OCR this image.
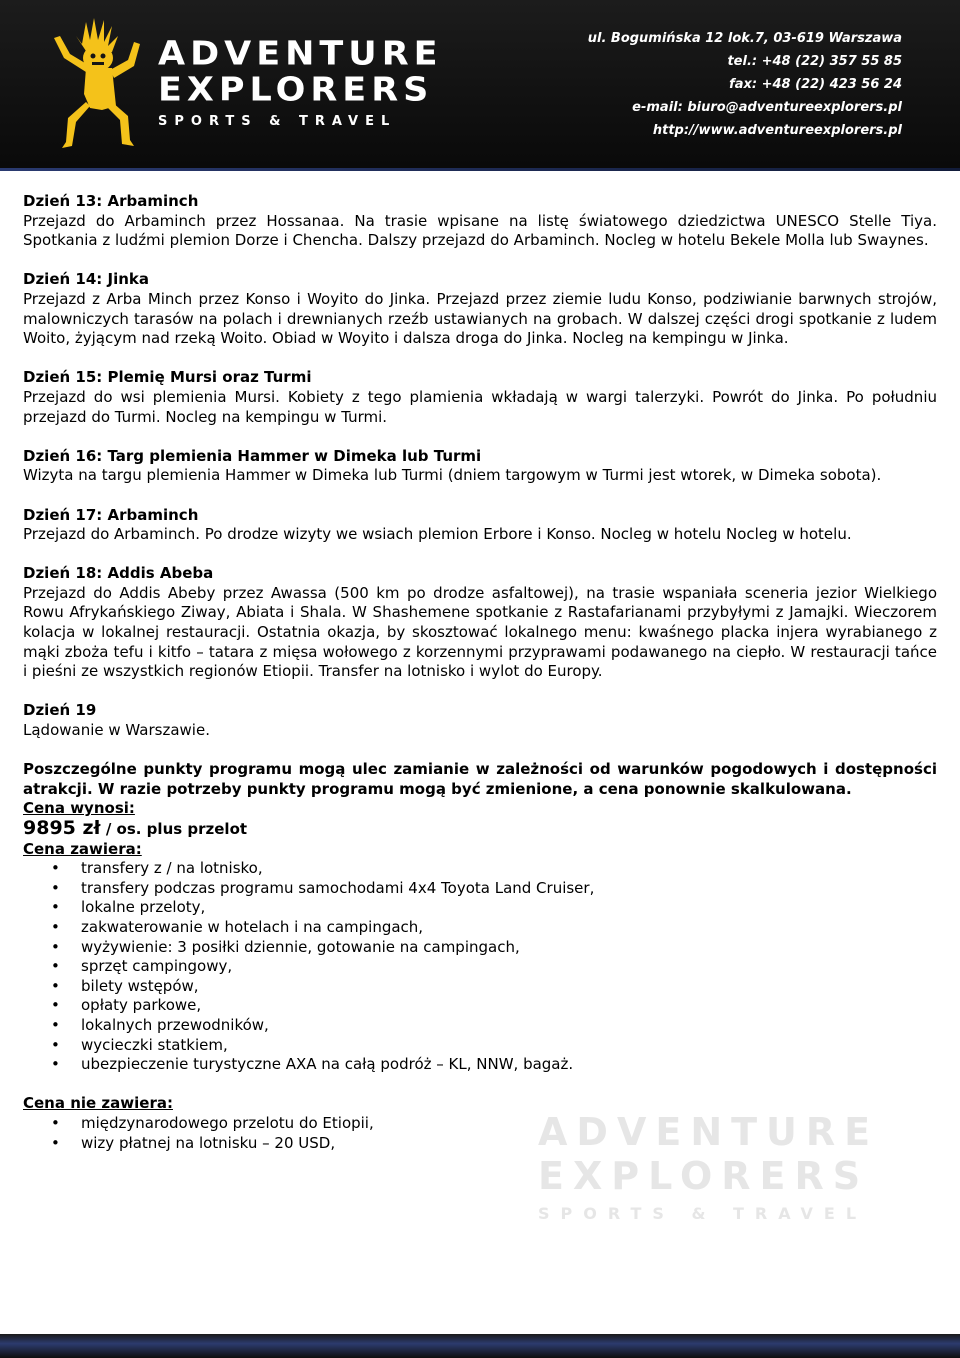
ADVENTURE
EXPLORERS
SPORTS & TRAVEL
ul. Bogumińska 12 lok.7, 03-619 Warszawa
tel.: +48 (22) 357 55 85
fax: +48 (22) 423 56 24
e-mail: biuro@adventureexplorers.pl
http://www.adventureexplorers.pl
ADVENTURE
EXPLORERS
SPORTS & TRAVEL

Dzień 13: Arbaminch

Przejazd do Arbaminch przez Hossanaa. Na trasie wpisane na listę światowego dziedzictwa UNESCO Stelle Tiya. Spotkania z ludźmi plemion Dorze i Chencha. Dalszy przejazd do Arbaminch. Nocleg w hotelu Bekele Molla lub Swaynes.

Dzień 14: Jinka

Przejazd z Arba Minch przez Konso i Woyito do Jinka. Przejazd przez ziemie ludu Konso, podziwianie barwnych strojów, malowniczych tarasów na polach i drewnianych rzeźb ustawianych na grobach. W dalszej części drogi spotkanie z ludem Woito, żyjącym nad rzeką Woito. Obiad w Woyito i dalsza droga do Jinka. Nocleg na kempingu w Jinka.

Dzień 15: Plemię Mursi oraz Turmi

Przejazd do wsi plemienia Mursi. Kobiety z tego plamienia wkładają w wargi talerzyki. Powrót do Jinka. Po południu przejazd do Turmi. Nocleg na kempingu w Turmi.

Dzień 16: Targ plemienia Hammer w Dimeka lub Turmi

Wizyta na targu plemienia Hammer w Dimeka lub Turmi (dniem targowym w Turmi jest wtorek, w Dimeka sobota).

Dzień 17: Arbaminch

Przejazd do Arbaminch. Po drodze wizyty we wsiach plemion Erbore i Konso. Nocleg w hotelu Nocleg w hotelu.

Dzień 18: Addis Abeba

Przejazd do Addis Abeby przez Awassa (500 km po drodze asfaltowej), na trasie wspaniała sceneria jezior Wielkiego Rowu Afrykańskiego Ziway, Abiata i Shala. W Shashemene spotkanie z Rastafarianami przybyłymi z Jamajki. Wieczorem kolacja w lokalnej restauracji. Ostatnia okazja, by skosztować lokalnego menu: kwaśnego placka injera wyrabianego z mąki zboża tefu i kitfo – tatara z mięsa wołowego z korzennymi przyprawami podawanego na ciepło. W restauracji tańce i pieśni ze wszystkich regionów Etiopii. Transfer na lotnisko i wylot do Europy.

Dzień 19

Lądowanie w Warszawie.

Poszczególne punkty programu mogą ulec zamianie w zależności od warunków pogodowych i dostępności atrakcji. W razie potrzeby punkty programu mogą być zmienione, a cena ponownie skalkulowana.

Cena wynosi:

9895 zł / os. plus przelot

Cena zawiera:

• transfery z / na lotnisko,
• transfery podczas programu samochodami 4x4 Toyota Land Cruiser,
• lokalne przeloty,
• zakwaterowanie w hotelach i na campingach,
• wyżywienie: 3 posiłki dziennie, gotowanie na campingach,
• sprzęt campingowy,
• bilety wstępów,
• opłaty parkowe,
• lokalnych przewodników,
• wycieczki statkiem,
• ubezpieczenie turystyczne AXA na całą podróż – KL, NNW, bagaż.

Cena nie zawiera:

• międzynarodowego przelotu do Etiopii,
• wizy płatnej na lotnisku – 20 USD,
